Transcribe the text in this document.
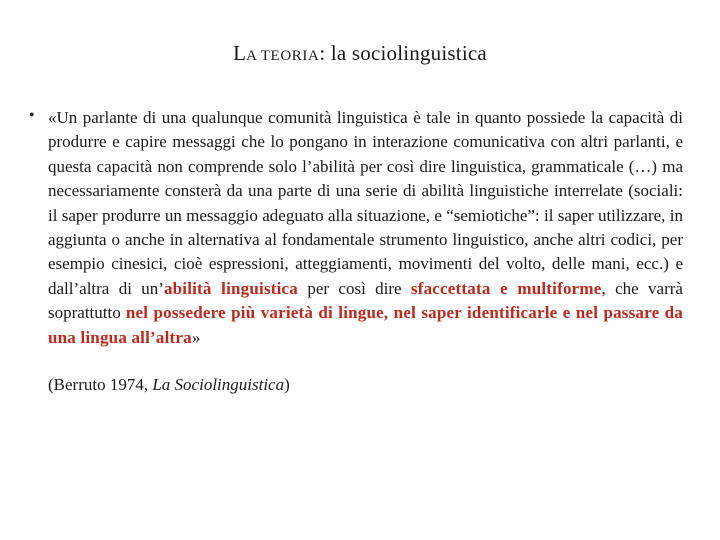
LA TEORIA: la sociolinguistica
• «Un parlante di una qualunque comunità linguistica è tale in quanto possiede la capacità di produrre e capire messaggi che lo pongano in interazione comunicativa con altri parlanti, e questa capacità non comprende solo l’abilità per così dire linguistica, grammaticale (…) ma necessariamente consterà da una parte di una serie di abilità linguistiche interrelate (sociali: il saper produrre un messaggio adeguato alla situazione, e “semiotiche”: il saper utilizzare, in aggiunta o anche in alternativa al fondamentale strumento linguistico, anche altri codici, per esempio cinesici, cioè espressioni, atteggiamenti, movimenti del volto, delle mani, ecc.) e dall’altra di un’abilità linguistica per così dire sfaccettata e multiforme, che varrà soprattutto nel possedere più varietà di lingue, nel saper identificarle e nel passare da una lingua all’altra»

(Berruto 1974, La Sociolinguistica)
